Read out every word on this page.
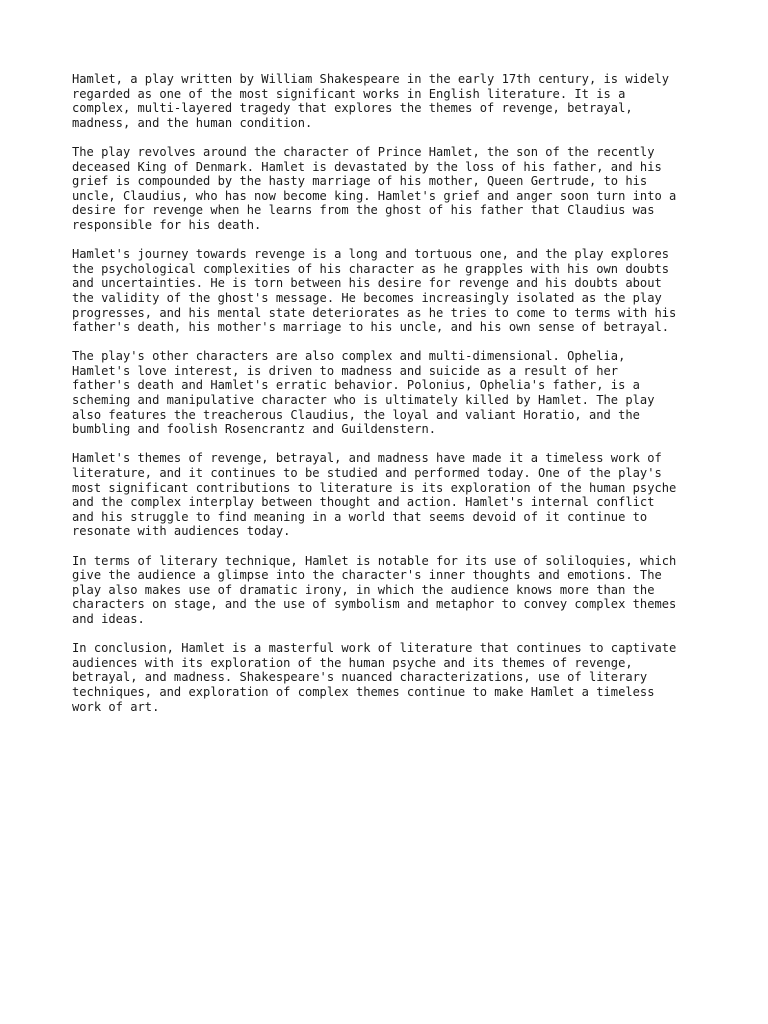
Hamlet, a play written by William Shakespeare in the early 17th century, is widely
regarded as one of the most significant works in English literature. It is a
complex, multi-layered tragedy that explores the themes of revenge, betrayal,
madness, and the human condition.

The play revolves around the character of Prince Hamlet, the son of the recently
deceased King of Denmark. Hamlet is devastated by the loss of his father, and his
grief is compounded by the hasty marriage of his mother, Queen Gertrude, to his
uncle, Claudius, who has now become king. Hamlet's grief and anger soon turn into a
desire for revenge when he learns from the ghost of his father that Claudius was
responsible for his death.

Hamlet's journey towards revenge is a long and tortuous one, and the play explores
the psychological complexities of his character as he grapples with his own doubts
and uncertainties. He is torn between his desire for revenge and his doubts about
the validity of the ghost's message. He becomes increasingly isolated as the play
progresses, and his mental state deteriorates as he tries to come to terms with his
father's death, his mother's marriage to his uncle, and his own sense of betrayal.

The play's other characters are also complex and multi-dimensional. Ophelia,
Hamlet's love interest, is driven to madness and suicide as a result of her
father's death and Hamlet's erratic behavior. Polonius, Ophelia's father, is a
scheming and manipulative character who is ultimately killed by Hamlet. The play
also features the treacherous Claudius, the loyal and valiant Horatio, and the
bumbling and foolish Rosencrantz and Guildenstern.

Hamlet's themes of revenge, betrayal, and madness have made it a timeless work of
literature, and it continues to be studied and performed today. One of the play's
most significant contributions to literature is its exploration of the human psyche
and the complex interplay between thought and action. Hamlet's internal conflict
and his struggle to find meaning in a world that seems devoid of it continue to
resonate with audiences today.

In terms of literary technique, Hamlet is notable for its use of soliloquies, which
give the audience a glimpse into the character's inner thoughts and emotions. The
play also makes use of dramatic irony, in which the audience knows more than the
characters on stage, and the use of symbolism and metaphor to convey complex themes
and ideas.

In conclusion, Hamlet is a masterful work of literature that continues to captivate
audiences with its exploration of the human psyche and its themes of revenge,
betrayal, and madness. Shakespeare's nuanced characterizations, use of literary
techniques, and exploration of complex themes continue to make Hamlet a timeless
work of art.
